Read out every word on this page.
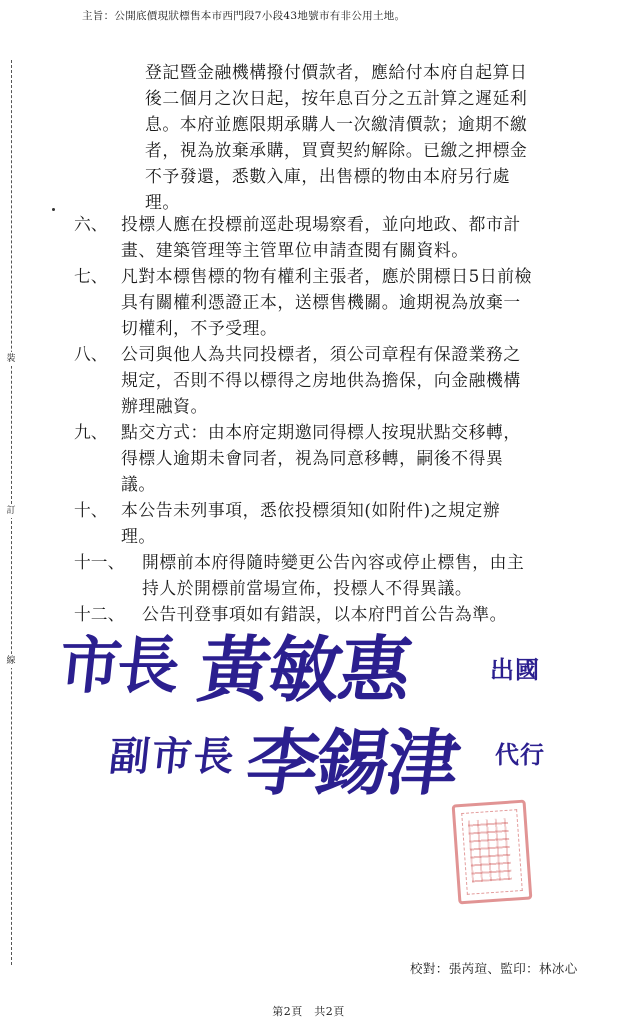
主旨：公開底價現狀標售本市西門段7小段43地號市有非公用土地。
裝
訂
線
登記暨金融機構撥付價款者，應給付本府自起算日
後二個月之次日起，按年息百分之五計算之遲延利
息。本府並應限期承購人一次繳清價款；逾期不繳
者，視為放棄承購，買賣契約解除。已繳之押標金
不予發還，悉數入庫，出售標的物由本府另行處
理。
六、 投標人應在投標前逕赴現場察看，並向地政、都市計
畫、建築管理等主管單位申請查閱有關資料。
七、 凡對本標售標的物有權利主張者，應於開標日5日前檢
具有關權利憑證正本，送標售機關。逾期視為放棄一
切權利，不予受理。
八、 公司與他人為共同投標者，須公司章程有保證業務之
規定，否則不得以標得之房地供為擔保，向金融機構
辦理融資。
九、 點交方式：由本府定期邀同得標人按現狀點交移轉，
得標人逾期未會同者，視為同意移轉，嗣後不得異
議。
十、 本公告未列事項，悉依投標須知(如附件)之規定辦
理。
十一、 開標前本府得隨時變更公告內容或停止標售，由主
持人於開標前當場宣佈，投標人不得異議。
十二、 公告刊登事項如有錯誤，以本府門首公告為準。
市長 黃敏惠	出國
副市長 李錫津 代行
校對：張芮瑄、監印：林冰心
第2頁　共2頁
